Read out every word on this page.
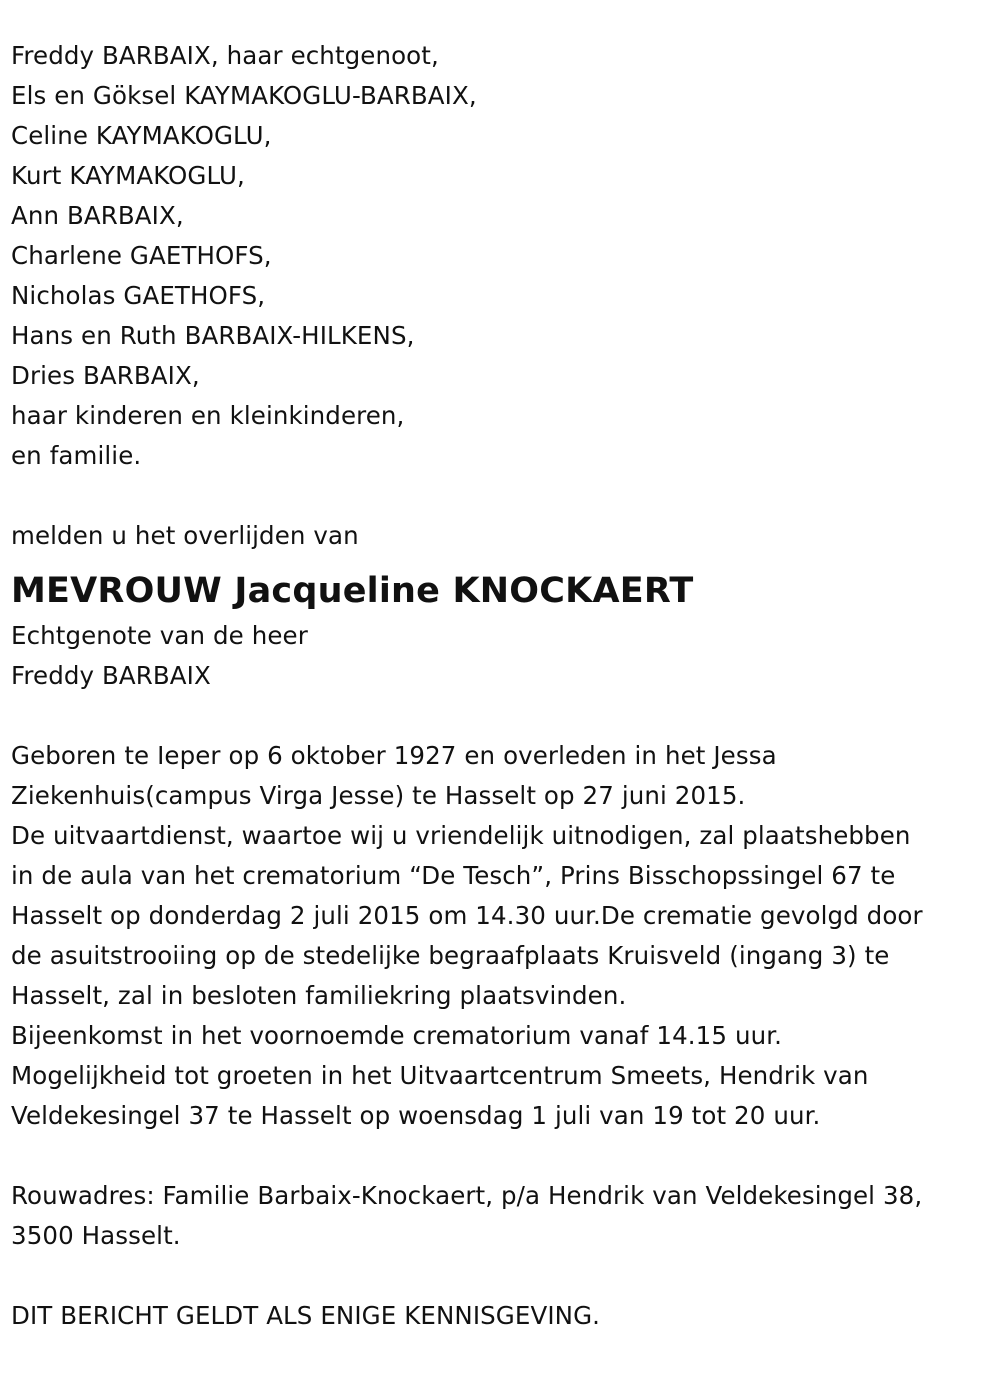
Freddy BARBAIX, haar echtgenoot,
Els en Göksel KAYMAKOGLU-BARBAIX,
Celine KAYMAKOGLU,
Kurt KAYMAKOGLU,
Ann BARBAIX,
Charlene GAETHOFS,
Nicholas GAETHOFS,
Hans en Ruth BARBAIX-HILKENS,
Dries BARBAIX,
haar kinderen en kleinkinderen,
en familie.
melden u het overlijden van
MEVROUW Jacqueline KNOCKAERT
Echtgenote van de heer
Freddy BARBAIX
Geboren te Ieper op 6 oktober 1927 en overleden in het Jessa
Ziekenhuis(campus Virga Jesse) te Hasselt op 27 juni 2015.
De uitvaartdienst, waartoe wij u vriendelijk uitnodigen, zal plaatshebben
in de aula van het crematorium “De Tesch”, Prins Bisschopssingel 67 te
Hasselt op donderdag 2 juli 2015 om 14.30 uur.De crematie gevolgd door
de asuitstrooiing op de stedelijke begraafplaats Kruisveld (ingang 3) te
Hasselt, zal in besloten familiekring plaatsvinden.
Bijeenkomst in het voornoemde crematorium vanaf 14.15 uur.
Mogelijkheid tot groeten in het Uitvaartcentrum Smeets, Hendrik van
Veldekesingel 37 te Hasselt op woensdag 1 juli van 19 tot 20 uur.
Rouwadres: Familie Barbaix-Knockaert, p/a Hendrik van Veldekesingel 38,
3500 Hasselt.
DIT BERICHT GELDT ALS ENIGE KENNISGEVING.
